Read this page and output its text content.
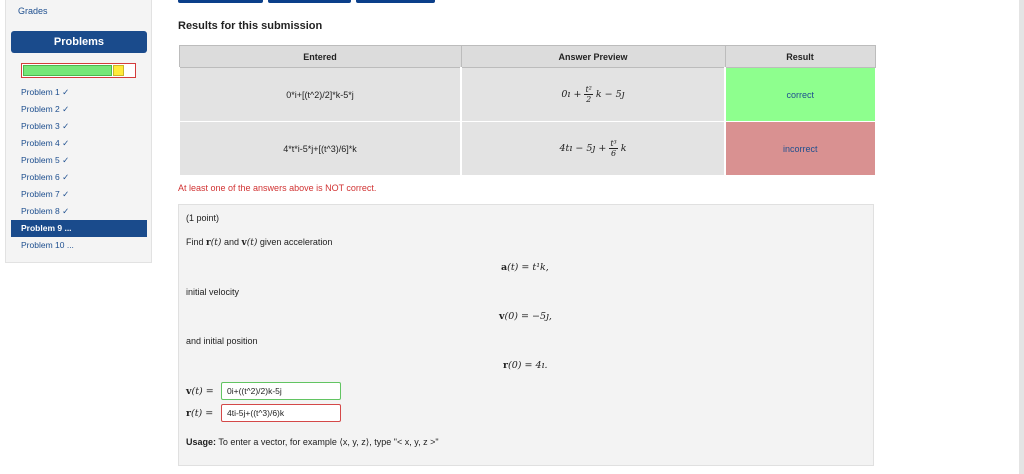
Grades
Problems
Problem 1 ✓
Problem 2 ✓
Problem 3 ✓
Problem 4 ✓
Problem 5 ✓
Problem 6 ✓
Problem 7 ✓
Problem 8 ✓
Problem 9 ...
Problem 10 ...
Results for this submission
Entered	Answer Preview	Result
0*i+[(t^2)/2]*k-5*j	0ı + $\frac{\text{t²}}{2}$ k − 5ȷ	correct
4*t*i-5*j+[(t^3)/6]*k	4tı − 5ȷ + $\frac{\text{t³}}{6}$ k	incorrect
At least one of the answers above is NOT correct.
(1 point)
Find r(t) and v(t) given acceleration
a(t) = t¹k,
initial velocity
v(0) = −5ȷ,
and initial position
r(0) = 4ı.
v(t) =	0i+((t^2)/2)k-5j
r(t) =	4ti-5j+((t^3)/6)k
Usage: To enter a vector, for example ⟨x, y, z⟩, type "< x, y, z >"
